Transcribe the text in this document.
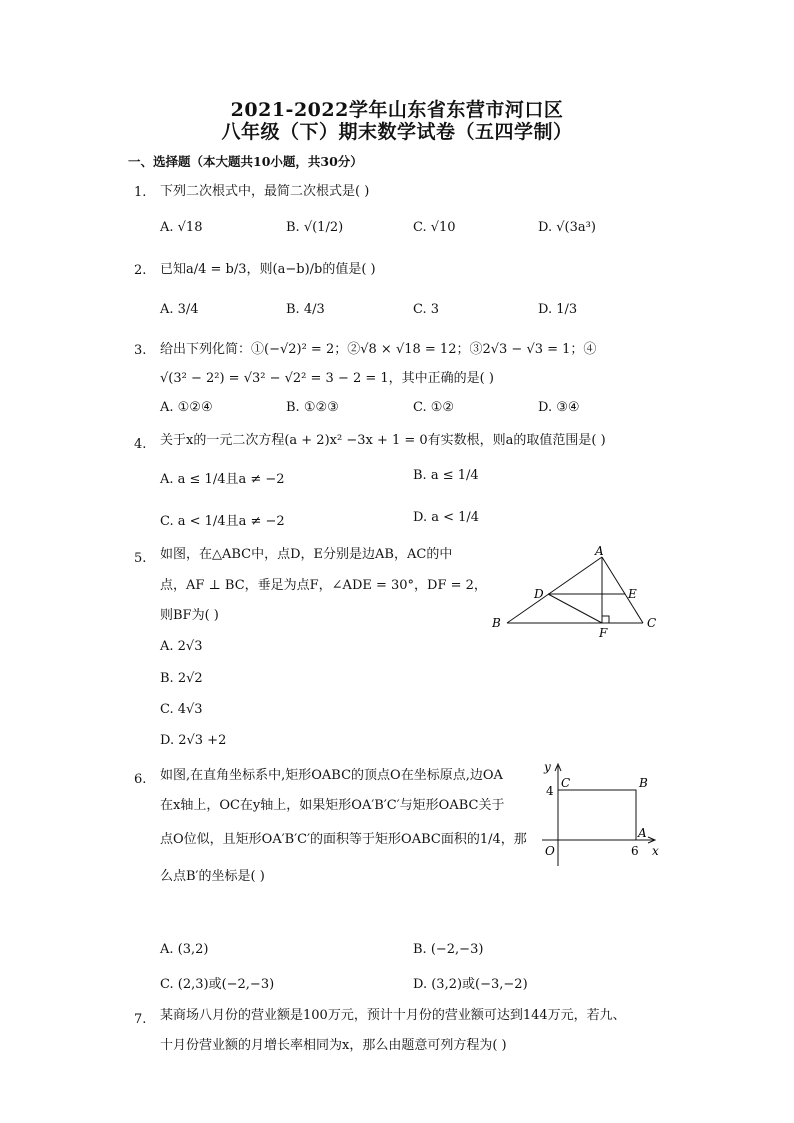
2021-2022学年山东省东营市河口区
八年级（下）期末数学试卷（五四学制）
一、选择题（本大题共10小题，共30分）
1. 下列二次根式中，最简二次根式是( )
A. √18	B. √(1/2)	C. √10	D. √(3a³)
2. 已知a/4 = b/3，则(a−b)/b的值是( )
A. 3/4	B. 4/3	C. 3	D. 1/3
3. 给出下列化简：①(−√2)² = 2；②√8 × √18 = 12；③2√3 − √3 = 1；④
√(3² − 2²) = √3² − √2² = 3 − 2 = 1，其中正确的是( )
A. ①②④	B. ①②③	C. ①②	D. ③④
4. 关于x的一元二次方程(a + 2)x² −3x + 1 = 0有实数根，则a的取值范围是( )
A. a ≤ 1/4且a ≠ −2	B. a ≤ 1/4
C. a < 1/4且a ≠ −2	D. a < 1/4
5. 如图，在△ABC中，点D，E分别是边AB，AC的中
点，AF ⊥ BC，垂足为点F，∠ADE = 30°，DF = 2，
则BF为( )
A. 2√3
B. 2√2
C. 4√3
D. 2√3 +2
A
D	E
B
F
C
6. 如图,在直角坐标系中,矩形OABC的顶点O在坐标原点,边OA
在x轴上，OC在y轴上，如果矩形OA′B′C′与矩形OABC关于
点O位似，且矩形OA′B′C′的面积等于矩形OABC面积的1/4，那
么点B′的坐标是( )
A. (3,2)	B. (−2,−3)
C. (2,3)或(−2,−3)	D. (3,2)或(−3,−2)
y
C	B
4
A
O	6 x
7. 某商场八月份的营业额是100万元，预计十月份的营业额可达到144万元，若九、
十月份营业额的月增长率相同为x，那么由题意可列方程为( )
